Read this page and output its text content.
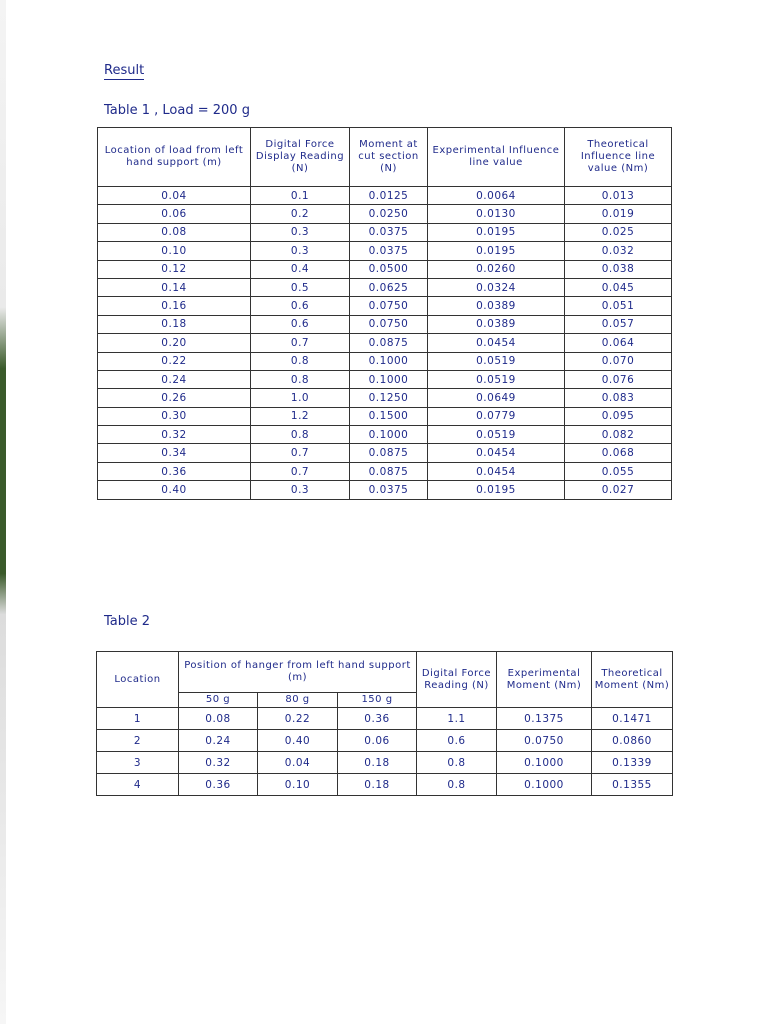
Result
Table 1 , Load = 200 g
Location of load from left hand support (m)	Digital Force Display Reading (N)	Moment at cut section (N)	Experimental Influence line value	Theoretical Influence line value (Nm)
0.04	0.1	0.0125	0.0064	0.013
0.06	0.2	0.0250	0.0130	0.019
0.08	0.3	0.0375	0.0195	0.025
0.10	0.3	0.0375	0.0195	0.032
0.12	0.4	0.0500	0.0260	0.038
0.14	0.5	0.0625	0.0324	0.045
0.16	0.6	0.0750	0.0389	0.051
0.18	0.6	0.0750	0.0389	0.057
0.20	0.7	0.0875	0.0454	0.064
0.22	0.8	0.1000	0.0519	0.070
0.24	0.8	0.1000	0.0519	0.076
0.26	1.0	0.1250	0.0649	0.083
0.30	1.2	0.1500	0.0779	0.095
0.32	0.8	0.1000	0.0519	0.082
0.34	0.7	0.0875	0.0454	0.068
0.36	0.7	0.0875	0.0454	0.055
0.40	0.3	0.0375	0.0195	0.027
Table 2
Location	Position of hanger from left hand support (m)			Digital Force Reading (N)	Experimental Moment (Nm)	Theoretical Moment (Nm)
	50 g	80 g	150 g			
1	0.08	0.22	0.36	1.1	0.1375	0.1471
2	0.24	0.40	0.06	0.6	0.0750	0.0860
3	0.32	0.04	0.18	0.8	0.1000	0.1339
4	0.36	0.10	0.18	0.8	0.1000	0.1355
